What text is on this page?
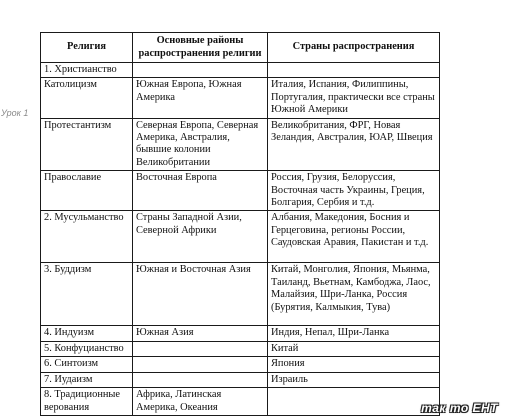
Урок 1
Религия	Основные районы распространения религии	Страны распространения
1. Христианство		
Католицизм	Южная Европа, Южная Америка	Италия, Испания, Филиппины, Португалия, практически все страны Южной Америки
Протестантизм	Северная Европа, Северная Америка, Австралия, бывшие колонии Великобритании	Великобритания, ФРГ, Новая Зеландия, Австралия, ЮАР, Швеция
Православие	Восточная Европа	Россия, Грузия, Белоруссия, Восточная часть Украины, Греция, Болгария, Сербия и т.д.
2. Мусульманство	Страны Западной Азии, Северной Африки	Албания, Македония, Босния и Герцеговина, регионы России, Саудовская Аравия, Пакистан и т.д.
3. Буддизм	Южная и Восточная Азия	Китай, Монголия, Япония, Мьянма, Таиланд, Вьетнам, Камбоджа, Лаос, Малайзия, Шри-Ланка, Россия (Бурятия, Калмыкия, Тува)
4. Индуизм	Южная Азия	Индия, Непал, Шри-Ланка
5. Конфуцианство		Китай
6. Синтоизм		Япония
7. Иудаизм		Израиль
8. Традиционные верования	Африка, Латинская Америка, Океания		так то ЕНТ
